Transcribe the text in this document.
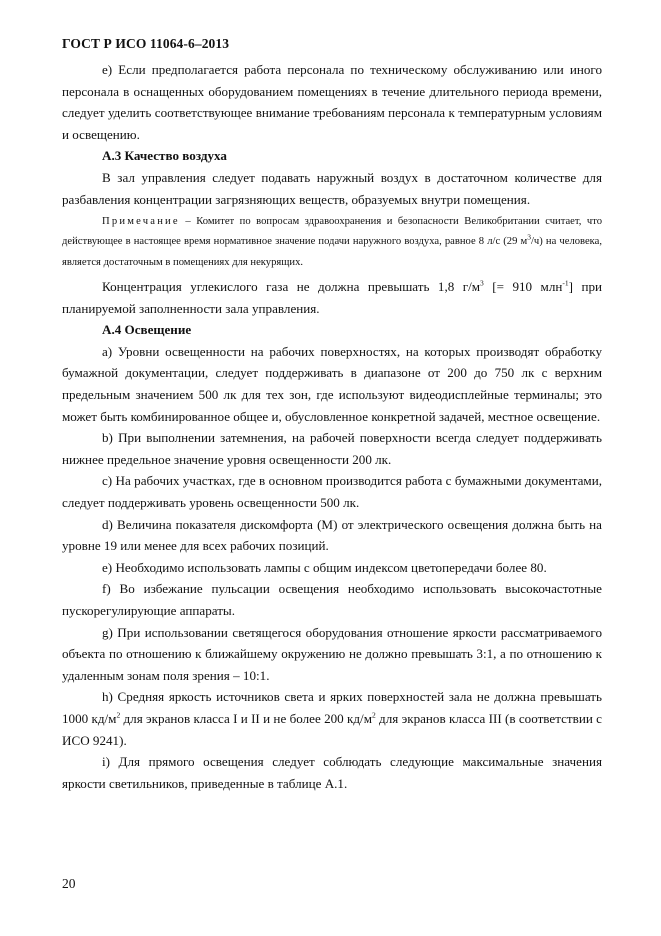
ГОСТ Р ИСО 11064-6–2013

e) Если предполагается работа персонала по техническому обслуживанию или иного персонала в оснащенных оборудованием помещениях в течение длительного периода времени, следует уделить соответствующее внимание требованиям персонала к температурным условиям и освещению.

А.3 Качество воздуха

В зал управления следует подавать наружный воздух в достаточном количестве для разбавления концентрации загрязняющих веществ, образуемых внутри помещения.

Примечание – Комитет по вопросам здравоохранения и безопасности Великобритании считает, что действующее в настоящее время нормативное значение подачи наружного воздуха, равное 8 л/с (29 $м^3/ч$) на человека, является достаточным в помещениях для некурящих.

Концентрация углекислого газа не должна превышать 1,8 $г/м^3$ [= 910 млн$^{-1}$] при планируемой заполненности зала управления.

А.4 Освещение

а) Уровни освещенности на рабочих поверхностях, на которых производят обработку бумажной документации, следует поддерживать в диапазоне от 200 до 750 лк с верхним предельным значением 500 лк для тех зон, где используют видеодисплейные терминалы; это может быть комбинированное общее и, обусловленное конкретной задачей, местное освещение.

b) При выполнении затемнения, на рабочей поверхности всегда следует поддерживать нижнее предельное значение уровня освещенности 200 лк.

с) На рабочих участках, где в основном производится работа с бумажными документами, следует поддерживать уровень освещенности 500 лк.

d) Величина показателя дискомфорта (М) от электрического освещения должна быть на уровне 19 или менее для всех рабочих позиций.

е) Необходимо использовать лампы с общим индексом цветопередачи более 80.

f) Во избежание пульсации освещения необходимо использовать высокочастотные пускорегулирующие аппараты.

g) При использовании светящегося оборудования отношение яркости рассматриваемого объекта по отношению к ближайшему окружению не должно превышать 3:1, а по отношению к удаленным зонам поля зрения – 10:1.

h) Средняя яркость источников света и ярких поверхностей зала не должна превышать 1000 $кд/м^2$ для экранов класса I и II и не более 200 $кд/м^2$ для экранов класса III (в соответствии с ИСО 9241).

i) Для прямого освещения следует соблюдать следующие максимальные значения яркости светильников, приведенные в таблице А.1.

20
